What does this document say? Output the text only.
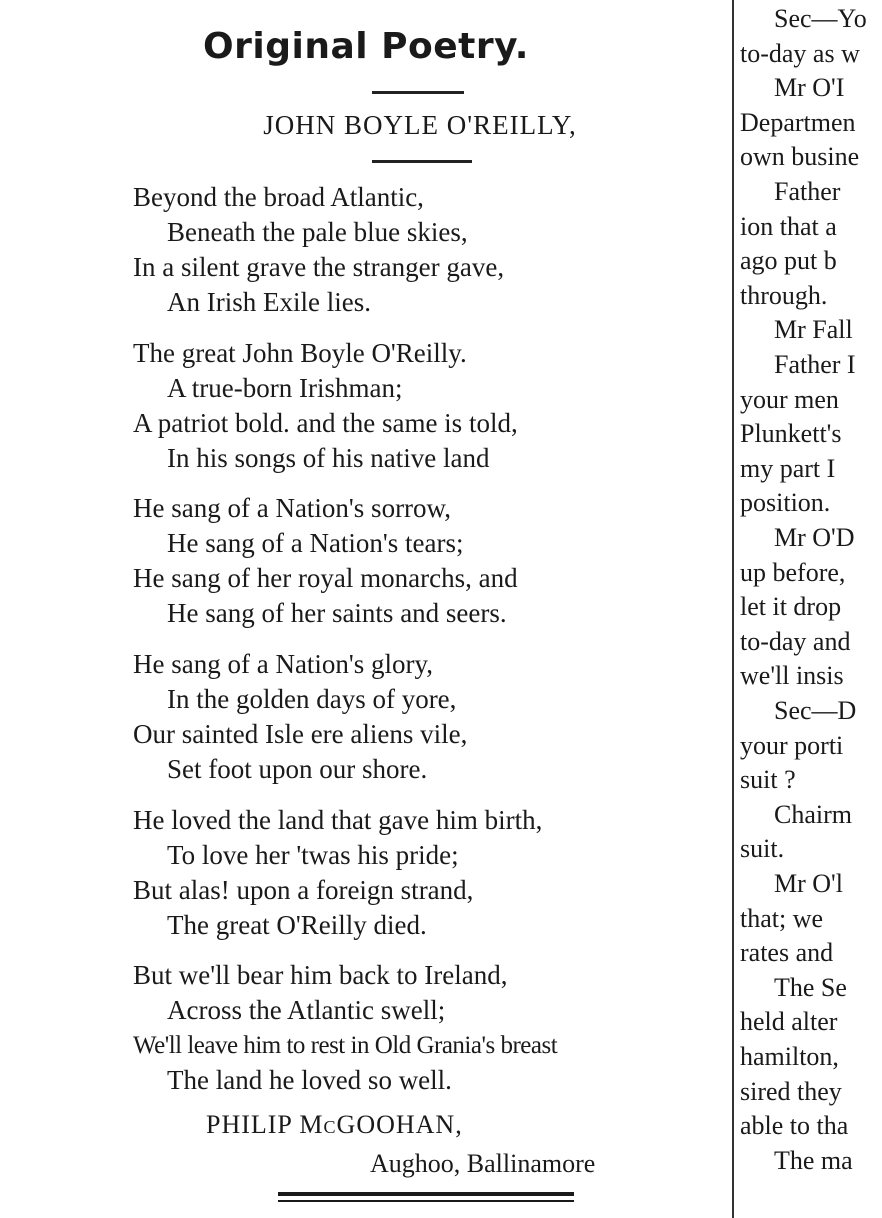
Original Poetry.
JOHN BOYLE O'REILLY,
Beyond the broad Atlantic,
Beneath the pale blue skies,
In a silent grave the stranger gave,
An Irish Exile lies.
The great John Boyle O'Reilly.
A true-born Irishman;
A patriot bold. and the same is told,
In his songs of his native land
He sang of a Nation's sorrow,
He sang of a Nation's tears;
He sang of her royal monarchs, and
He sang of her saints and seers.
He sang of a Nation's glory,
In the golden days of yore,
Our sainted Isle ere aliens vile,
Set foot upon our shore.
He loved the land that gave him birth,
To love her 'twas his pride;
But alas! upon a foreign strand,
The great O'Reilly died.
But we'll bear him back to Ireland,
Across the Atlantic swell;
We'll leave him to rest in Old Grania's breast
The land he loved so well.
PHILIP McGOOHAN,
Aughoo, Ballinamore
Sec—Yo
to-day as w
Mr O'I
Departmen
own busine
Father
ion that a
ago put b
through.
Mr Fall
Father I
your men
Plunkett's
my part I
position.
Mr O'D
up before,
let it drop
to-day and
we'll insis
Sec—D
your porti
suit ?
Chairm
suit.
Mr O'l
that; we
rates and
The Se
held alter
hamilton,
sired they
able to tha
The ma
